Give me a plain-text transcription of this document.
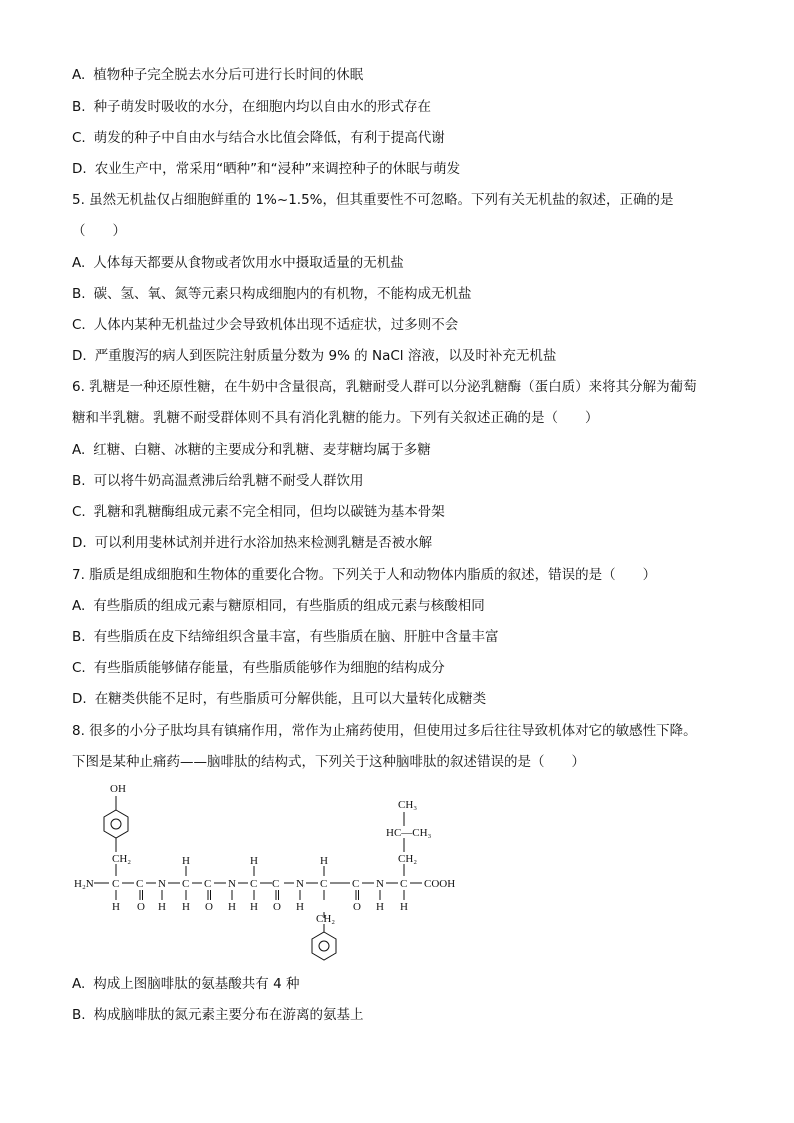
A. 植物种子完全脱去水分后可进行长时间的休眠
B. 种子萌发时吸收的水分，在细胞内均以自由水的形式存在
C. 萌发的种子中自由水与结合水比值会降低，有利于提高代谢
D. 农业生产中，常采用“晒种”和“浸种”来调控种子的休眠与萌发
5. 虽然无机盐仅占细胞鲜重的 1%~1.5%，但其重要性不可忽略。下列有关无机盐的叙述，正确的是
（　　）
A. 人体每天都要从食物或者饮用水中摄取适量的无机盐
B. 碳、氢、氧、氮等元素只构成细胞内的有机物，不能构成无机盐
C. 人体内某种无机盐过少会导致机体出现不适症状，过多则不会
D. 严重腹泻的病人到医院注射质量分数为 9% 的 NaCl 溶液，以及时补充无机盐
6. 乳糖是一种还原性糖，在牛奶中含量很高，乳糖耐受人群可以分泌乳糖酶（蛋白质）来将其分解为葡萄
糖和半乳糖。乳糖不耐受群体则不具有消化乳糖的能力。下列有关叙述正确的是（　　）
A. 红糖、白糖、冰糖的主要成分和乳糖、麦芽糖均属于多糖
B. 可以将牛奶高温煮沸后给乳糖不耐受人群饮用
C. 乳糖和乳糖酶组成元素不完全相同，但均以碳链为基本骨架
D. 可以利用斐林试剂并进行水浴加热来检测乳糖是否被水解
7. 脂质是组成细胞和生物体的重要化合物。下列关于人和动物体内脂质的叙述，错误的是（　　）
A. 有些脂质的组成元素与糖原相同，有些脂质的组成元素与核酸相同
B. 有些脂质在皮下结缔组织含量丰富，有些脂质在脑、肝脏中含量丰富
C. 有些脂质能够储存能量，有些脂质能够作为细胞的结构成分
D. 在糖类供能不足时，有些脂质可分解供能，且可以大量转化成糖类
8. 很多的小分子肽均具有镇痛作用，常作为止痛药使用，但使用过多后往往导致机体对它的敏感性下降。
下图是某种止痛药——脑啡肽的结构式，下列关于这种脑啡肽的叙述错误的是（　　）
OH
CH₂
H₂N C C N C C N C C N C C N C COOH
H	H	H
H O H H O H H O H
CH₂
O H H
CH₃
HC—CH₃
CH₂
A. 构成上图脑啡肽的氨基酸共有 4 种
B. 构成脑啡肽的氮元素主要分布在游离的氨基上
